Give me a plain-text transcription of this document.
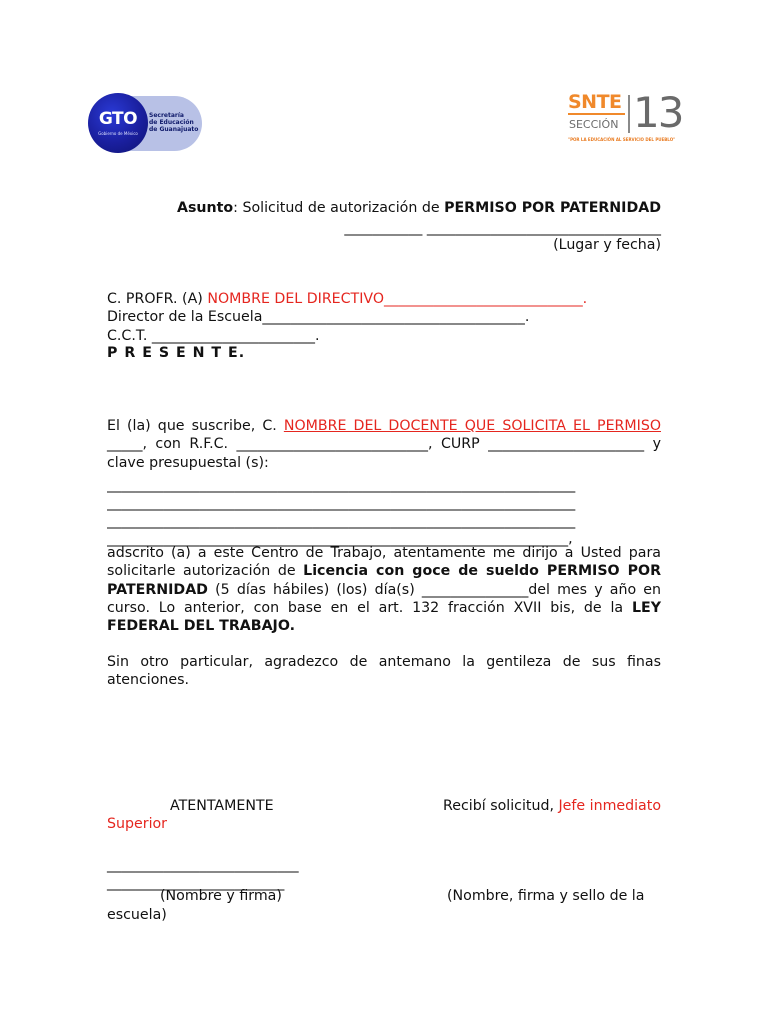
GTO
Gobierno de México
Secretaría
de Educación
de Guanajuato
SNTE
SECCIÓN 13
"POR LA EDUCACIÓN AL SERVICIO DEL PUEBLO"
Asunto: Solicitud de autorización de PERMISO POR PATERNIDAD
___________ _________________________________
(Lugar y fecha)
C. PROFR. (A) NOMBRE DEL DIRECTIVO____________________________.
Director de la Escuela_____________________________________.
C.C.T. _______________________.
P R E S E N T E.
El (la) que suscribe, C. NOMBRE DEL DOCENTE QUE SOLICITA EL PERMISO _____, con R.F.C. ___________________________, CURP ______________________ y clave presupuestal (s):
__________________________________________________________________
__________________________________________________________________
__________________________________________________________________
_________________________________________________________________,
adscrito (a) a este Centro de Trabajo, atentamente me dirijo a Usted para solicitarle autorización de Licencia con goce de sueldo PERMISO POR PATERNIDAD (5 días hábiles) (los) día(s) _______________del mes y año en curso. Lo anterior, con base en el art. 132 fracción XVII bis, de la LEY FEDERAL DEL TRABAJO.
Sin otro particular, agradezco de antemano la gentileza de sus finas atenciones.
ATENTAMENTE	Recibí solicitud, Jefe inmediato
Superior
___________________________
_________________________
(Nombre y firma)	(Nombre, firma y sello de la
escuela)
